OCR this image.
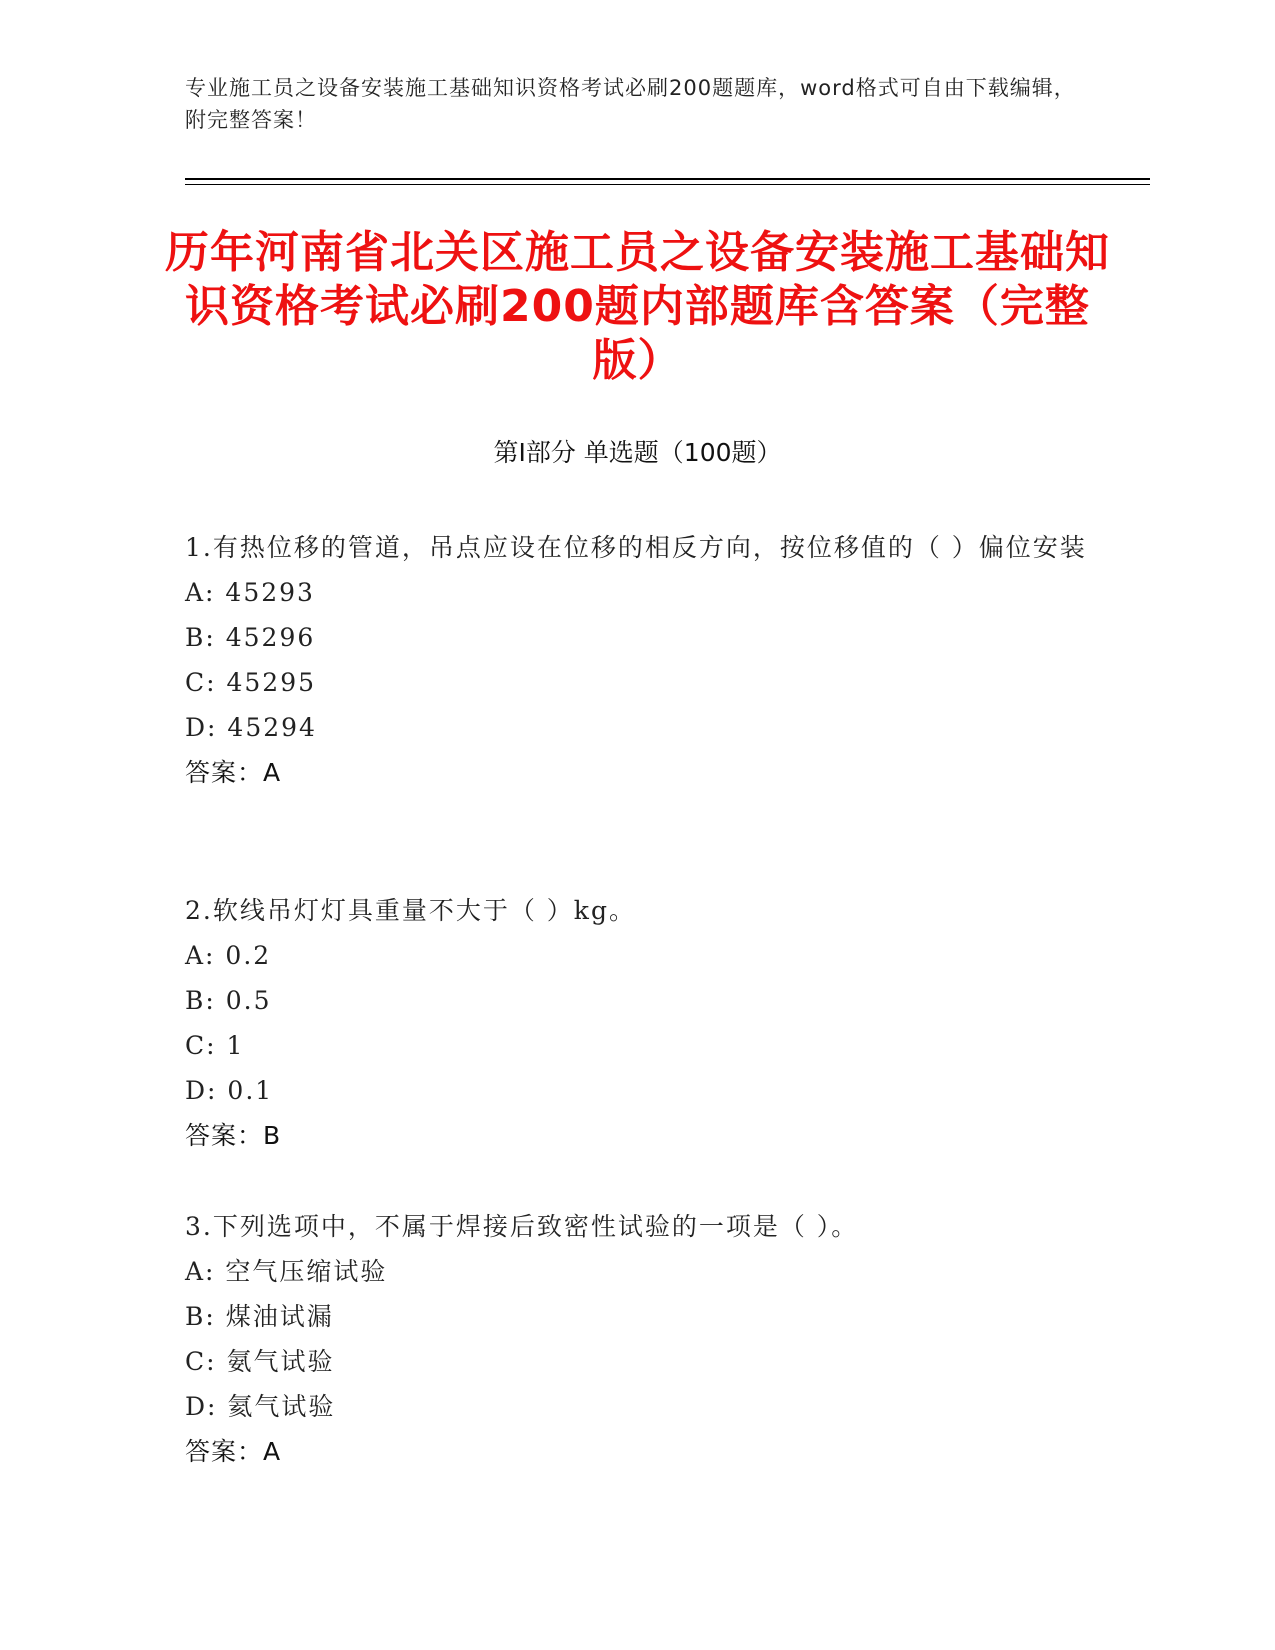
专业施工员之设备安装施工基础知识资格考试必刷200题题库，word格式可自由下载编辑，附完整答案！
历年河南省北关区施工员之设备安装施工基础知识资格考试必刷200题内部题库含答案（完整版）
第Ⅰ部分 单选题（100题）
1.有热位移的管道，吊点应设在位移的相反方向，按位移值的（ ）偏位安装
A: 45293
B: 45296
C: 45295
D: 45294
答案：A
2.软线吊灯灯具重量不大于（ ）kg。
A: 0.2
B: 0.5
C: 1
D: 0.1
答案：B
3.下列选项中，不属于焊接后致密性试验的一项是（ ）。
A: 空气压缩试验
B: 煤油试漏
C: 氨气试验
D: 氦气试验
答案：A
